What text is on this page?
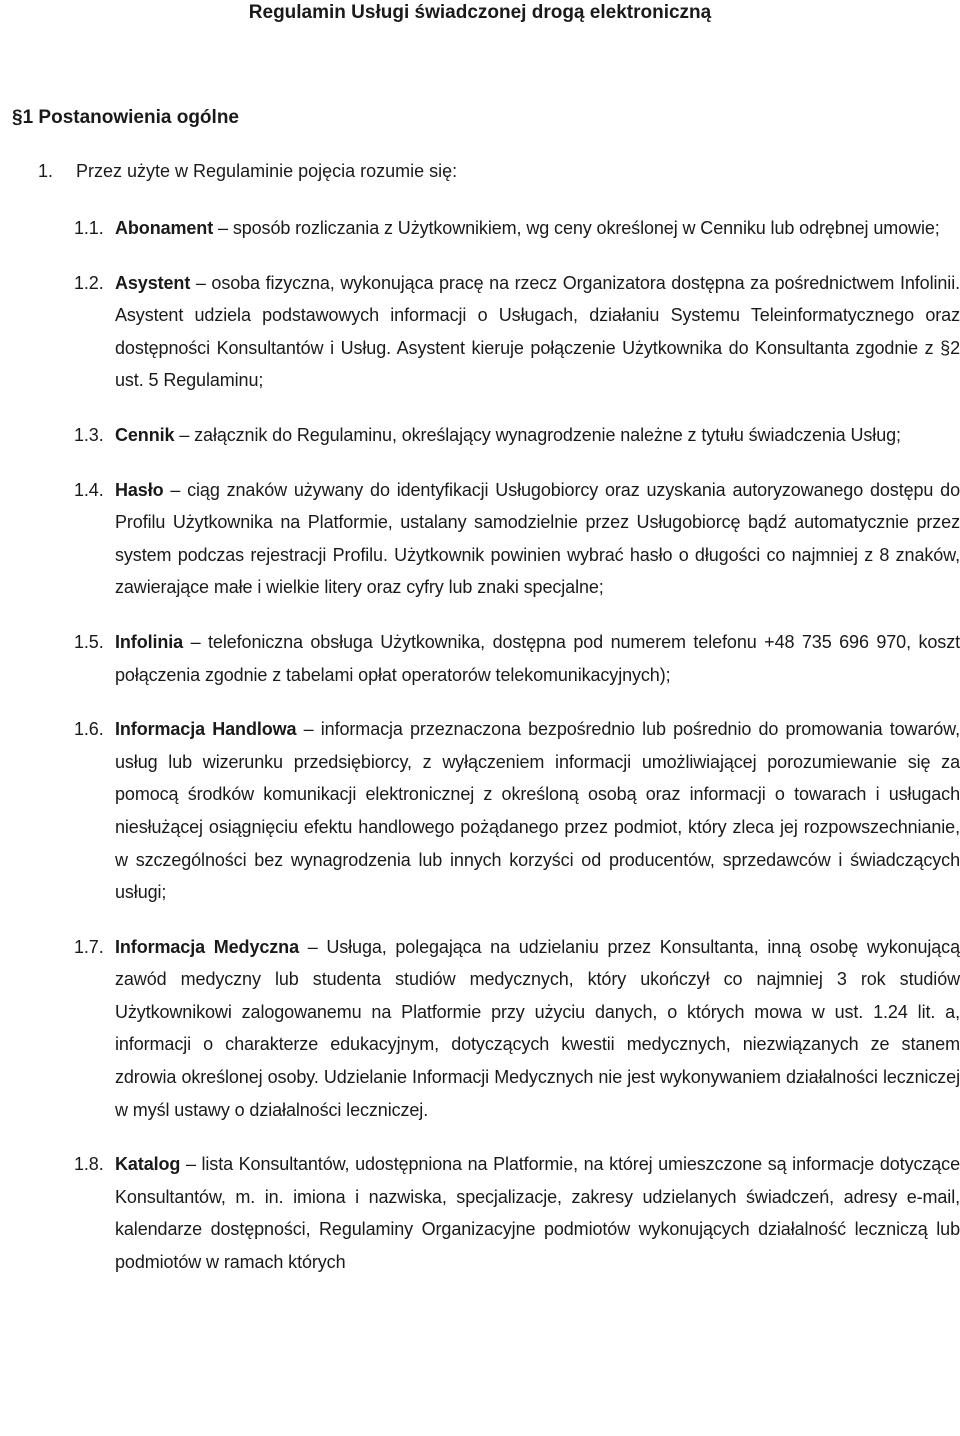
Regulamin Usługi świadczonej drogą elektroniczną
§1 Postanowienia ogólne
1. Przez użyte w Regulaminie pojęcia rozumie się:
1.1. Abonament – sposób rozliczania z Użytkownikiem, wg ceny określonej w Cenniku lub odrębnej umowie;
1.2. Asystent – osoba fizyczna, wykonująca pracę na rzecz Organizatora dostępna za pośrednictwem Infolinii. Asystent udziela podstawowych informacji o Usługach, działaniu Systemu Teleinformatycznego oraz dostępności Konsultantów i Usług. Asystent kieruje połączenie Użytkownika do Konsultanta zgodnie z §2 ust. 5 Regulaminu;
1.3. Cennik – załącznik do Regulaminu, określający wynagrodzenie należne z tytułu świadczenia Usług;
1.4. Hasło – ciąg znaków używany do identyfikacji Usługobiorcy oraz uzyskania autoryzowanego dostępu do Profilu Użytkownika na Platformie, ustalany samodzielnie przez Usługobiorcę bądź automatycznie przez system podczas rejestracji Profilu. Użytkownik powinien wybrać hasło o długości co najmniej z 8 znaków, zawierające małe i wielkie litery oraz cyfry lub znaki specjalne;
1.5. Infolinia – telefoniczna obsługa Użytkownika, dostępna pod numerem telefonu +48 735 696 970, koszt połączenia zgodnie z tabelami opłat operatorów telekomunikacyjnych);
1.6. Informacja Handlowa – informacja przeznaczona bezpośrednio lub pośrednio do promowania towarów, usług lub wizerunku przedsiębiorcy, z wyłączeniem informacji umożliwiającej porozumiewanie się za pomocą środków komunikacji elektronicznej z określoną osobą oraz informacji o towarach i usługach niesłużącej osiągnięciu efektu handlowego pożądanego przez podmiot, który zleca jej rozpowszechnianie, w szczególności bez wynagrodzenia lub innych korzyści od producentów, sprzedawców i świadczących usługi;
1.7. Informacja Medyczna – Usługa, polegająca na udzielaniu przez Konsultanta, inną osobę wykonującą zawód medyczny lub studenta studiów medycznych, który ukończył co najmniej 3 rok studiów Użytkownikowi zalogowanemu na Platformie przy użyciu danych, o których mowa w ust. 1.24 lit. a, informacji o charakterze edukacyjnym, dotyczących kwestii medycznych, niezwiązanych ze stanem zdrowia określonej osoby. Udzielanie Informacji Medycznych nie jest wykonywaniem działalności leczniczej w myśl ustawy o działalności leczniczej.
1.8. Katalog – lista Konsultantów, udostępniona na Platformie, na której umieszczone są informacje dotyczące Konsultantów, m. in. imiona i nazwiska, specjalizacje, zakresy udzielanych świadczeń, adresy e-mail, kalendarze dostępności, Regulaminy Organizacyjne podmiotów wykonujących działalność leczniczą lub podmiotów w ramach których
